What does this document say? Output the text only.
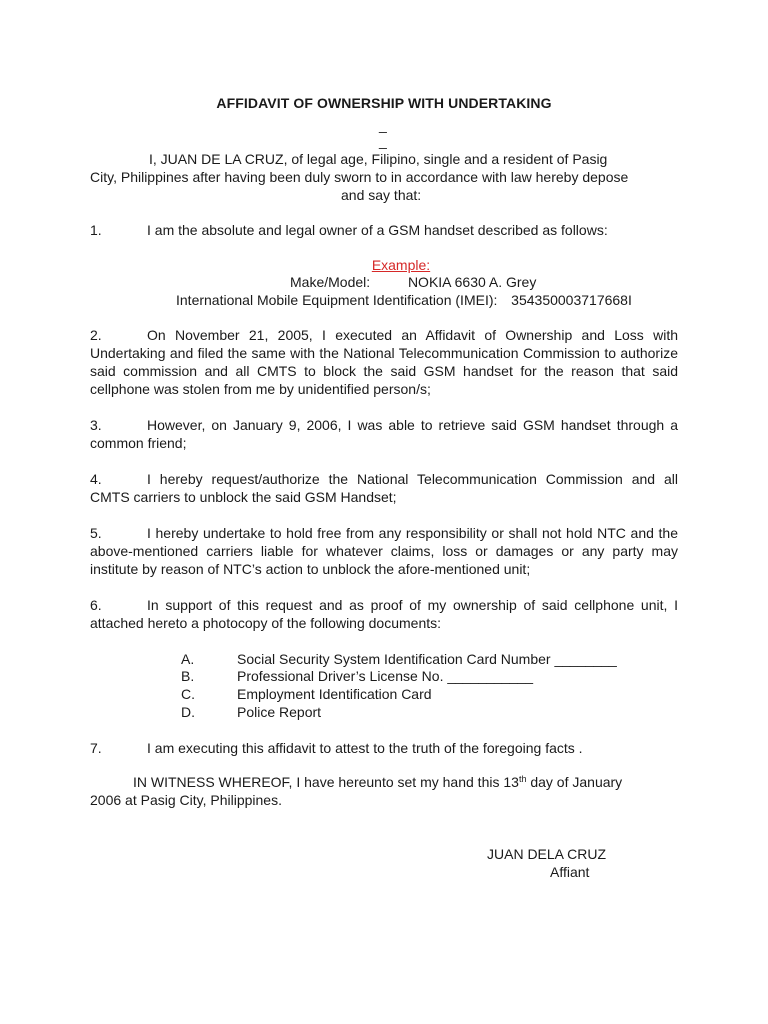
AFFIDAVIT OF OWNERSHIP WITH UNDERTAKING
_
_
I, JUAN DE LA CRUZ, of legal age, Filipino, single and a resident of Pasig
City, Philippines after having been duly sworn to in accordance with law hereby depose
and say that:
1.	I am the absolute and legal owner of a GSM handset described as follows:
Example:
Make/Model:	NOKIA 6630 A. Grey
International Mobile Equipment Identification (IMEI): 354350003717668I
2.	On November 21, 2005, I executed an Affidavit of Ownership and Loss with Undertaking and filed the same with the National Telecommunication Commission to authorize said commission and all CMTS to block the said GSM handset for the reason that said cellphone was stolen from me by unidentified person/s;
3.	However, on January 9, 2006, I was able to retrieve said GSM handset through a common friend;
4.	I hereby request/authorize the National Telecommunication Commission and all CMTS carriers to unblock the said GSM Handset;
5.	I hereby undertake to hold free from any responsibility or shall not hold NTC and the above-mentioned carriers liable for whatever claims, loss or damages or any party may institute by reason of NTC’s action to unblock the afore-mentioned unit;
6.	In support of this request and as proof of my ownership of said cellphone unit, I attached hereto a photocopy of the following documents:
A.	Social Security System Identification Card Number ________
B.	Professional Driver’s License No. ___________
C.	Employment Identification Card
D.	Police Report
7.	I am executing this affidavit to attest to the truth of the foregoing facts .
IN WITNESS WHEREOF, I have hereunto set my hand this 13th day of January
2006 at Pasig City, Philippines.
JUAN DELA CRUZ
Affiant
